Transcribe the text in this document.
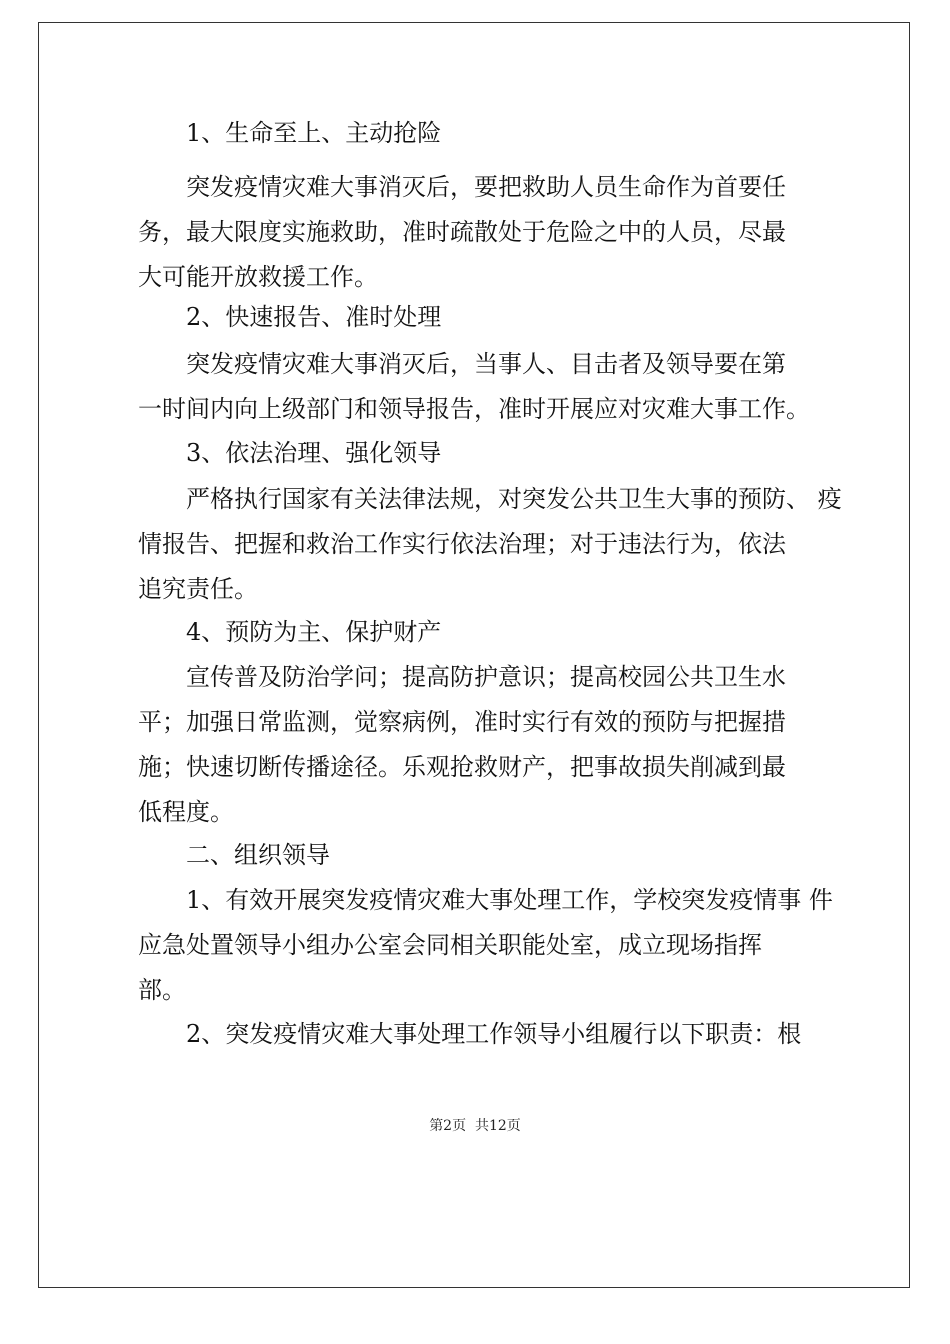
1、生命至上、主动抢险
突发疫情灾难大事消灭后，要把救助人员生命作为首要任
务，最大限度实施救助，准时疏散处于危险之中的人员，尽最
大可能开放救援工作。
2、快速报告、准时处理
突发疫情灾难大事消灭后，当事人、目击者及领导要在第
一时间内向上级部门和领导报告，准时开展应对灾难大事工作。
3、依法治理、强化领导
严格执行国家有关法律法规，对突发公共卫生大事的预防、 疫
情报告、把握和救治工作实行依法治理；对于违法行为，依法
追究责任。
4、预防为主、保护财产
宣传普及防治学问；提高防护意识；提高校园公共卫生水
平；加强日常监测，觉察病例，准时实行有效的预防与把握措
施；快速切断传播途径。乐观抢救财产，把事故损失削减到最
低程度。
二、组织领导
1、有效开展突发疫情灾难大事处理工作，学校突发疫情事 件
应急处置领导小组办公室会同相关职能处室，成立现场指挥
部。
2、突发疫情灾难大事处理工作领导小组履行以下职责：根
第2页  共12页
